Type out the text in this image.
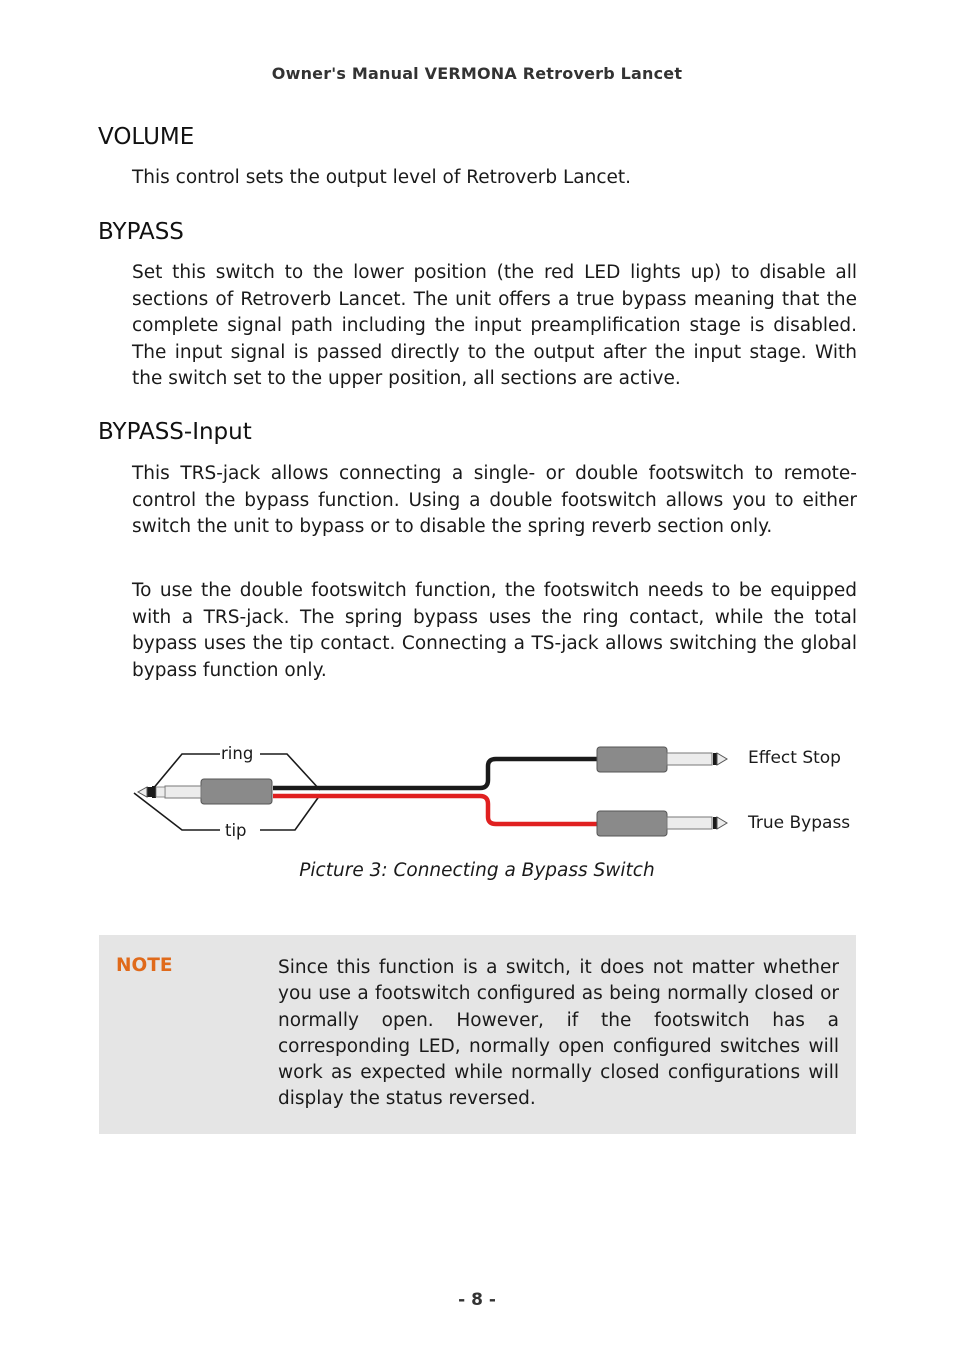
Owner's Manual VERMONA Retroverb Lancet
VOLUME

This control sets the output level of Retroverb Lancet.

BYPASS

Set this switch to the lower position (the red LED lights up) to disable all sections of Retroverb Lancet. The unit offers a true bypass meaning that the complete signal path including the input preamplification stage is disabled. The input signal is passed directly to the output after the input stage. With the switch set to the upper position, all sections are active.

BYPASS-Input

This TRS-jack allows connecting a single- or double footswitch to remote-control the bypass function. Using a double footswitch allows you to either switch the unit to bypass or to disable the spring reverb section only.

To use the double footswitch function, the footswitch needs to be equipped with a TRS-jack. The spring bypass uses the ring contact, while the total bypass uses the tip contact. Connecting a TS-jack allows switching the global bypass function only.

ring
tip
Effect Stop
True Bypass
Picture 3: Connecting a Bypass Switch
NOTE	Since this function is a switch, it does not matter whether you use a footswitch configured as being normally closed or normally open. However, if the footswitch has a corresponding LED, normally open configured switches will work as expected while normally closed configurations will display the status reversed.

- 8 -
